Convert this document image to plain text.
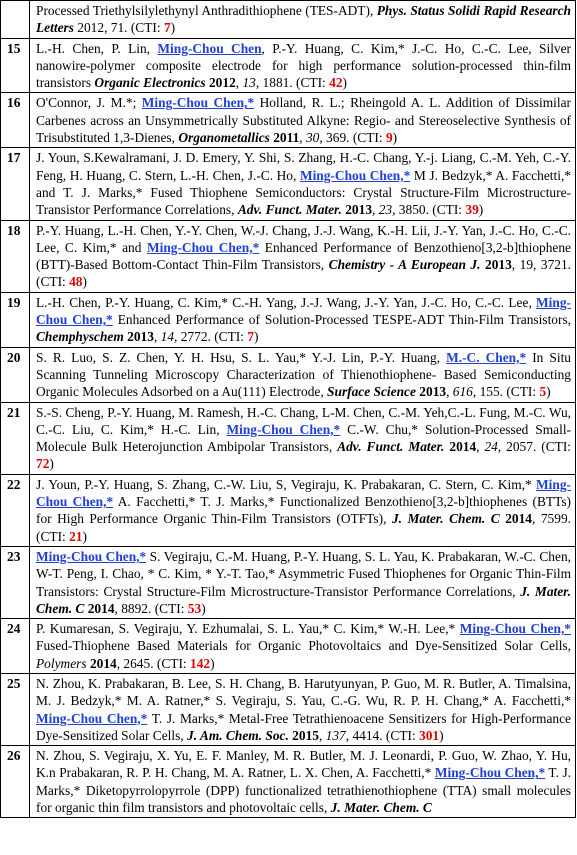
	Processed Triethylsilylethynyl Anthradithiophene (TES-ADT), Phys. Status Solidi Rapid Research Letters 2012, 71. (CTI: 7)
15	L.-H. Chen, P. Lin, Ming-Chou Chen, P.-Y. Huang, C. Kim,* J.-C. Ho, C.-C. Lee, Silver nanowire-polymer composite electrode for high performance solution-processed thin-film transistors Organic Electronics 2012, 13, 1881. (CTI: 42)
16	O'Connor, J. M.*; Ming-Chou Chen,* Holland, R. L.; Rheingold A. L. Addition of Dissimilar Carbenes across an Unsymmetrically Substituted Alkyne: Regio- and Stereoselective Synthesis of Trisubstituted 1,3-Dienes, Organometallics 2011, 30, 369. (CTI: 9)
17	J. Youn, S.Kewalramani, J. D. Emery, Y. Shi, S. Zhang, H.-C. Chang, Y.-j. Liang, C.-M. Yeh, C.-Y. Feng, H. Huang, C. Stern, L.-H. Chen, J.-C. Ho, Ming-Chou Chen,* M J. Bedzyk,* A. Facchetti,* and T. J. Marks,* Fused Thiophene Semiconductors: Crystal Structure-Film Microstructure-Transistor Performance Correlations, Adv. Funct. Mater. 2013, 23, 3850. (CTI: 39)
18	P.-Y. Huang, L.-H. Chen, Y.-Y. Chen, W.-J. Chang, J.-J. Wang, K.-H. Lii, J.-Y. Yan, J.-C. Ho, C.-C. Lee, C. Kim,* and Ming-Chou Chen,* Enhanced Performance of Benzothieno[3,2-b]thiophene (BTT)-Based Bottom-Contact Thin-Film Transistors, Chemistry - A European J. 2013, 19, 3721. (CTI: 48)
19	L.-H. Chen, P.-Y. Huang, C. Kim,* C.-H. Yang, J.-J. Wang, J.-Y. Yan, J.-C. Ho, C.-C. Lee, Ming-Chou Chen,* Enhanced Performance of Solution-Processed TESPE-ADT Thin-Film Transistors, Chemphyschem 2013, 14, 2772. (CTI: 7)
20	S. R. Luo, S. Z. Chen, Y. H. Hsu, S. L. Yau,* Y.-J. Lin, P.-Y. Huang, M.-C. Chen,* In Situ Scanning Tunneling Microscopy Characterization of Thienothiophene- Based Semiconducting Organic Molecules Adsorbed on a Au(111) Electrode, Surface Science 2013, 616, 155. (CTI: 5)
21	S.-S. Cheng, P.-Y. Huang, M. Ramesh, H.-C. Chang, L-M. Chen, C.-M. Yeh,C.-L. Fung, M.-C. Wu, C.-C. Liu, C. Kim,* H.-C. Lin, Ming-Chou Chen,* C.-W. Chu,* Solution-Processed Small-Molecule Bulk Heterojunction Ambipolar Transistors, Adv. Funct. Mater. 2014, 24, 2057. (CTI: 72)
22	J. Youn, P.-Y. Huang, S. Zhang, C.-W. Liu, S, Vegiraju, K. Prabakaran, C. Stern, C. Kim,* Ming-Chou Chen,* A. Facchetti,* T. J. Marks,* Functionalized Benzothieno[3,2-b]thiophenes (BTTs) for High Performance Organic Thin-Film Transistors (OTFTs), J. Mater. Chem. C 2014, 7599. (CTI: 21)
23	Ming-Chou Chen,* S. Vegiraju, C.-M. Huang, P.-Y. Huang, S. L. Yau, K. Prabakaran, W.-C. Chen, W-T. Peng, I. Chao, * C. Kim, * Y.-T. Tao,* Asymmetric Fused Thiophenes for Organic Thin-Film Transistors: Crystal Structure-Film Microstructure-Transistor Performance Correlations, J. Mater. Chem. C 2014, 8892. (CTI: 53)
24	P. Kumaresan, S. Vegiraju, Y. Ezhumalai, S. L. Yau,* C. Kim,* W.-H. Lee,* Ming-Chou Chen,* Fused-Thiophene Based Materials for Organic Photovoltaics and Dye-Sensitized Solar Cells, Polymers 2014, 2645. (CTI: 142)
25	N. Zhou, K. Prabakaran, B. Lee, S. H. Chang, B. Harutyunyan, P. Guo, M. R. Butler, A. Timalsina, M. J. Bedzyk,* M. A. Ratner,* S. Vegiraju, S. Yau, C.-G. Wu, R. P. H. Chang,* A. Facchetti,* Ming-Chou Chen,* T. J. Marks,* Metal-Free Tetrathienoacene Sensitizers for High-Performance Dye-Sensitized Solar Cells, J. Am. Chem. Soc. 2015, 137, 4414. (CTI: 301)
26	N. Zhou, S. Vegiraju, X. Yu, E. F. Manley, M. R. Butler, M. J. Leonardi, P. Guo, W. Zhao, Y. Hu, K.n Prabakaran, R. P. H. Chang, M. A. Ratner, L. X. Chen, A. Facchetti,* Ming-Chou Chen,* T. J. Marks,* Diketopyrrolopyrrole (DPP) functionalized tetrathienothiophene (TTA) small molecules for organic thin film transistors and photovoltaic cells, J. Mater. Chem. C
